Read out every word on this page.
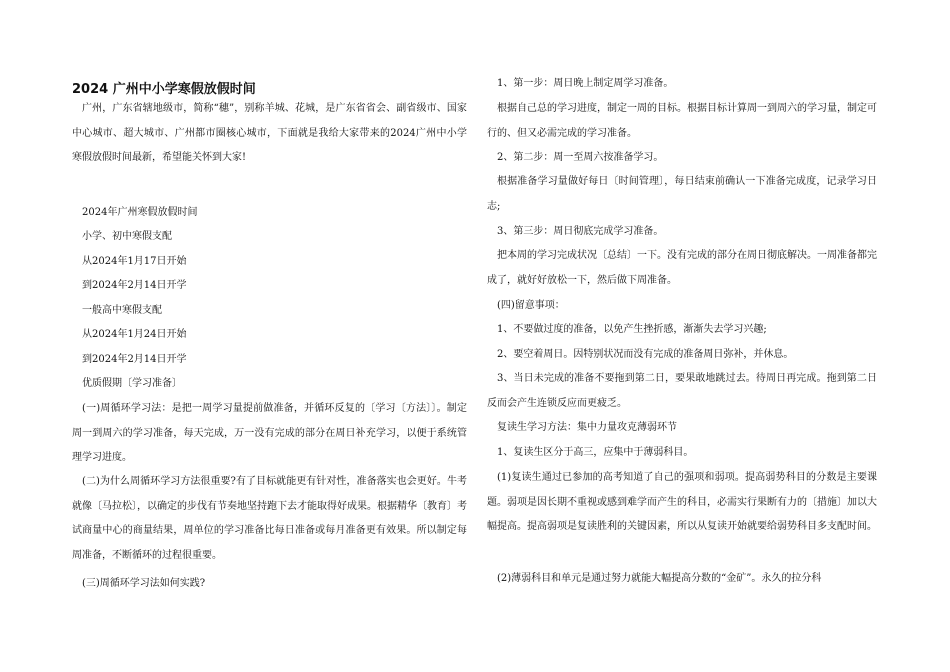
2024 广州中小学寒假放假时间
广州，广东省辖地级市，简称“穗”，别称羊城、花城，是广东省省会、副省级市、国家中心城市、超大城市、广州都市圈核心城市，下面就是我给大家带来的2024广州中小学寒假放假时间最新，希望能关怀到大家!
2024年广州寒假放假时间
小学、初中寒假支配
从2024年1月17日开始
到2024年2月14日开学
一般高中寒假支配
从2024年1月24日开始
到2024年2月14日开学
优质假期〔学习准备〕
(一)周循环学习法：是把一周学习量提前做准备，并循环反复的〔学习〔方法〕〕。制定周一到周六的学习准备，每天完成，万一没有完成的部分在周日补充学习，以便于系统管理学习进度。
(二)为什么周循环学习方法很重要?有了目标就能更有针对性，准备落实也会更好。牛考就像〔马拉松〕，以确定的步伐有节奏地坚持跑下去才能取得好成果。根据精华〔教育〕考试商量中心的商量结果，周单位的学习准备比每日准备或每月准备更有效果。所以制定每周准备，不断循环的过程很重要。
(三)周循环学习法如何实践?
1、第一步：周日晚上制定周学习准备。
根据自己总的学习进度，制定一周的目标。根据目标计算周一到周六的学习量，制定可行的、但又必需完成的学习准备。
2、第二步：周一至周六按准备学习。
根据准备学习量做好每日〔时间管理〕，每日结束前确认一下准备完成度，记录学习日志;
3、第三步：周日彻底完成学习准备。
把本周的学习完成状况〔总结〕一下。没有完成的部分在周日彻底解决。一周准备都完成了，就好好放松一下，然后做下周准备。
(四)留意事项：
1、不要做过度的准备，以免产生挫折感，渐渐失去学习兴趣;
2、要空着周日。因特别状况而没有完成的准备周日弥补，并休息。
3、当日未完成的准备不要拖到第二日，要果敢地跳过去。待周日再完成。拖到第二日反而会产生连锁反应而更疲乏。
复读生学习方法：集中力量攻克薄弱环节
1、复读生区分于高三，应集中于薄弱科目。
(1)复读生通过已参加的高考知道了自己的强项和弱项。提高弱势科目的分数是主要课题。弱项是因长期不重视或感到难学而产生的科目，必需实行果断有力的〔措施〕加以大幅提高。提高弱项是复读胜利的关键因素，所以从复读开始就要给弱势科目多支配时间。
(2)薄弱科目和单元是通过努力就能大幅提高分数的“金矿”。永久的拉分科
